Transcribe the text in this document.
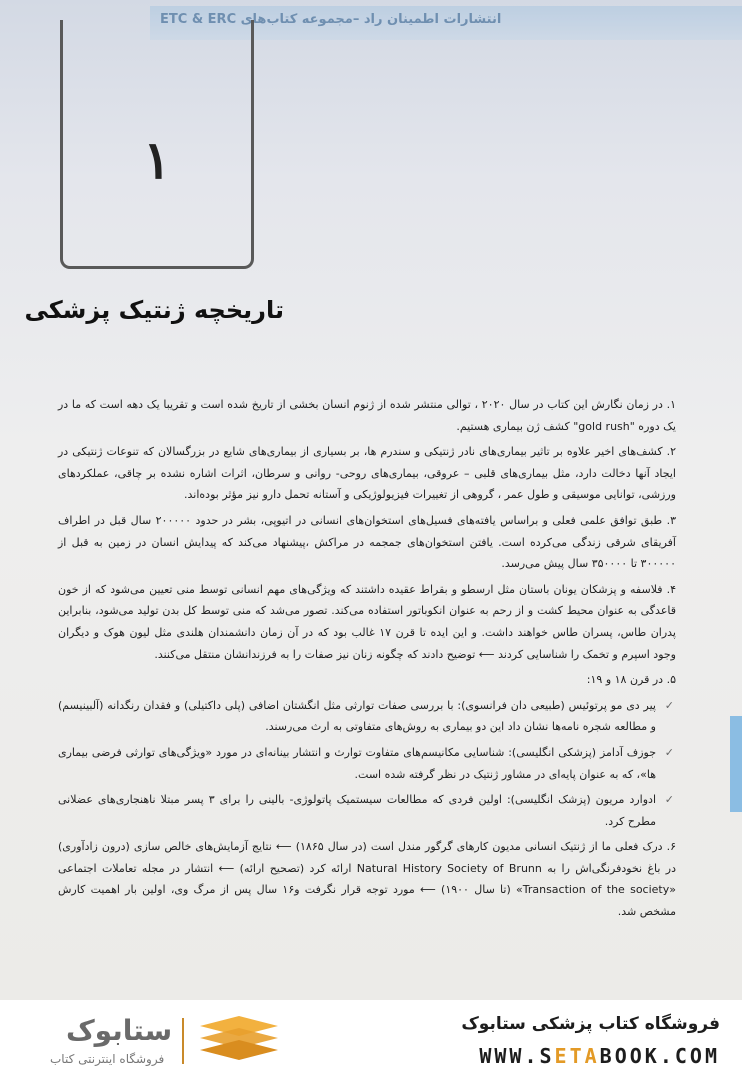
انتشارات اطمینان راد –مجموعه کتاب‌های ETC & ERC
۱
تاریخچه ژنتیک پزشکی

۱. در زمان نگارش این کتاب در سال ۲۰۲۰ ، توالی منتشر شده از ژنوم انسان بخشی از تاریخ شده است و تقریبا یک دهه است که ما در یک دوره "gold rush" کشف ژن بیماری هستیم.

۲. کشف‌های اخیر علاوه بر تاثیر بیماری‌های نادر ژنتیکی و سندرم ها، بر بسیاری از بیماری‌های شایع در بزرگسالان که تنوعات ژنتیکی در ایجاد آنها دخالت دارد، مثل بیماری‌های قلبی – عروقی، بیماری‌های روحی- روانی و سرطان، اثرات اشاره نشده بر چاقی، عملکردهای ورزشی، توانایی موسیقی و طول عمر ، گروهی از تغییرات فیزیولوژیکی و آستانه تحمل دارو نیز مؤثر بوده‌اند.

۳. طبق توافق علمی فعلی و براساس یافته‌های فسیل‌های استخوان‌های انسانی در اتیوپی، بشر در حدود ۲۰۰۰۰۰ سال قبل در اطراف آفریقای شرقی زندگی می‌کرده است. یافتن استخوان‌های جمجمه در مراکش ،پیشنهاد می‌کند که پیدایش انسان در زمین به قبل از ۳۰۰۰۰۰ تا ۳۵۰۰۰۰ سال پیش می‌رسد.

۴. فلاسفه و پزشکان یونان باستان مثل ارسطو و بقراط عقیده داشتند که ویژگی‌های مهم انسانی توسط منی تعیین می‌شود که از خون قاعدگی به عنوان محیط کشت و از رحم به عنوان انکوباتور استفاده می‌کند. تصور می‌شد که منی توسط کل بدن تولید می‌شود، بنابراین پدران طاس، پسران طاس خواهند داشت. و این ایده تا قرن ۱۷ غالب بود که در آن زمان دانشمندان هلندی مثل لیون هوک و دیگران وجود اسپرم و تخمک را شناسایی کردند ⟵ توضیح دادند که چگونه زنان نیز صفات را به فرزندانشان منتقل می‌کنند.

۵. در قرن ۱۸ و ۱۹:

✓
پیر دی مو پرتوئیس (طبیعی دان فرانسوی): با بررسی صفات توارثی مثل انگشتان اضافی (پلی داکتیلی) و فقدان رنگدانه (آلبینیسم) و مطالعه شجره نامه‌ها نشان داد این دو بیماری به روش‌های متفاوتی به ارث می‌رسند.
✓
جوزف آدامز (پزشکی انگلیسی): شناسایی مکانیسم‌های متفاوت توارث و انتشار بینانه‌ای در مورد «ویژگی‌های توارثی فرضی بیماری ها»، که به عنوان پایه‌ای در مشاور ژنتیک در نظر گرفته شده است.
✓
ادوارد مریون (پزشک انگلیسی): اولین فردی که مطالعات سیستمیک پاتولوژی- بالینی را برای ۳ پسر مبتلا ناهنجاری‌های عضلانی مطرح کرد.

۶. درک فعلی ما از ژنتیک انسانی مدیون کارهای گرگور مندل است (در سال ۱۸۶۵) ⟵ نتایج آزمایش‌های خالص سازی (درون زادآوری) در باغ نخودفرنگی‌اش را به Natural History Society of Brunn ارائه کرد (تصحیح ارائه) ⟵ انتشار در مجله تعاملات اجتماعی «Transaction of the society» (تا سال ۱۹۰۰) ⟵ مورد توجه قرار نگرفت و۱۶ سال پس از مرگ وی، اولین بار اهمیت کارش مشخص شد.

ستابوک
فروشگاه اینترنتی کتاب
فروشگاه کتاب پزشکی ستابوک
WWW.SETABOOK.COM
